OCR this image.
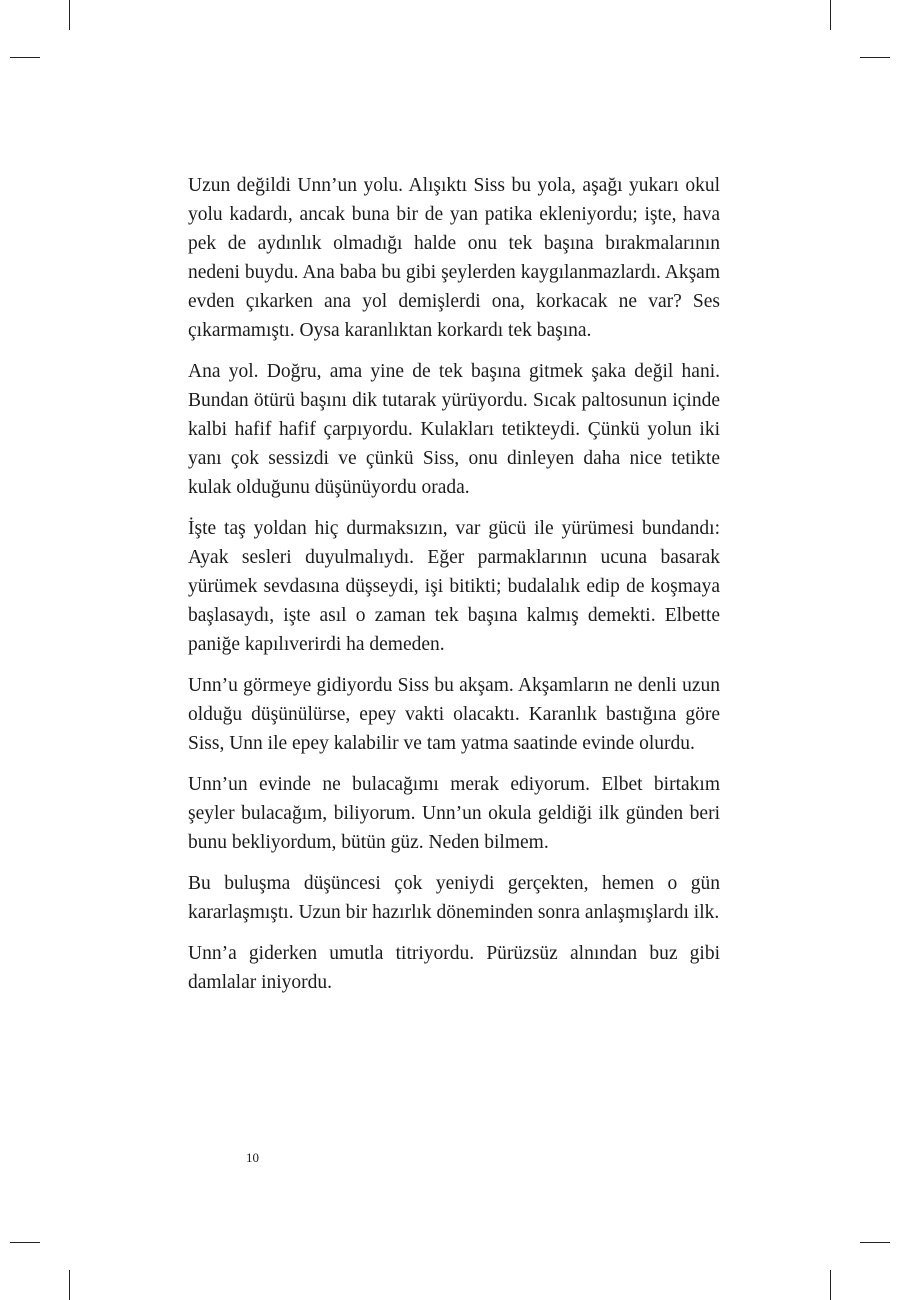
Uzun değildi Unn’un yolu. Alışıktı Siss bu yola, aşağı yukarı okul yolu kadardı, ancak buna bir de yan patika ekleniyordu; işte, hava pek de aydınlık olmadığı halde onu tek başına bırakmalarının nedeni buydu. Ana baba bu gibi şeylerden kaygılanmazlardı. Akşam evden çıkarken ana yol demişlerdi ona, korkacak ne var? Ses çıkarmamıştı. Oysa karanlıktan korkardı tek başına.

Ana yol. Doğru, ama yine de tek başına gitmek şaka değil hani. Bundan ötürü başını dik tutarak yürüyordu. Sıcak paltosunun içinde kalbi hafif hafif çarpıyordu. Kulakları tetikteydi. Çünkü yolun iki yanı çok sessizdi ve çünkü Siss, onu dinleyen daha nice tetikte kulak olduğunu düşünüyordu orada.

İşte taş yoldan hiç durmaksızın, var gücü ile yürümesi bundandı: Ayak sesleri duyulmalıydı. Eğer parmaklarının ucuna basarak yürümek sevdasına düşseydi, işi bitikti; budalalık edip de koşmaya başlasaydı, işte asıl o zaman tek başına kalmış demekti. Elbette paniğe kapılıverirdi ha demeden.

Unn’u görmeye gidiyordu Siss bu akşam. Akşamların ne denli uzun olduğu düşünülürse, epey vakti olacaktı. Karanlık bastığına göre Siss, Unn ile epey kalabilir ve tam yatma saatinde evinde olurdu.

Unn’un evinde ne bulacağımı merak ediyorum. Elbet birtakım şeyler bulacağım, biliyorum. Unn’un okula geldiği ilk günden beri bunu bekliyordum, bütün güz. Neden bilmem.

Bu buluşma düşüncesi çok yeniydi gerçekten, hemen o gün kararlaşmıştı. Uzun bir hazırlık döneminden sonra anlaşmışlardı ilk.

Unn’a giderken umutla titriyordu. Pürüzsüz alnından buz gibi damlalar iniyordu.

10
